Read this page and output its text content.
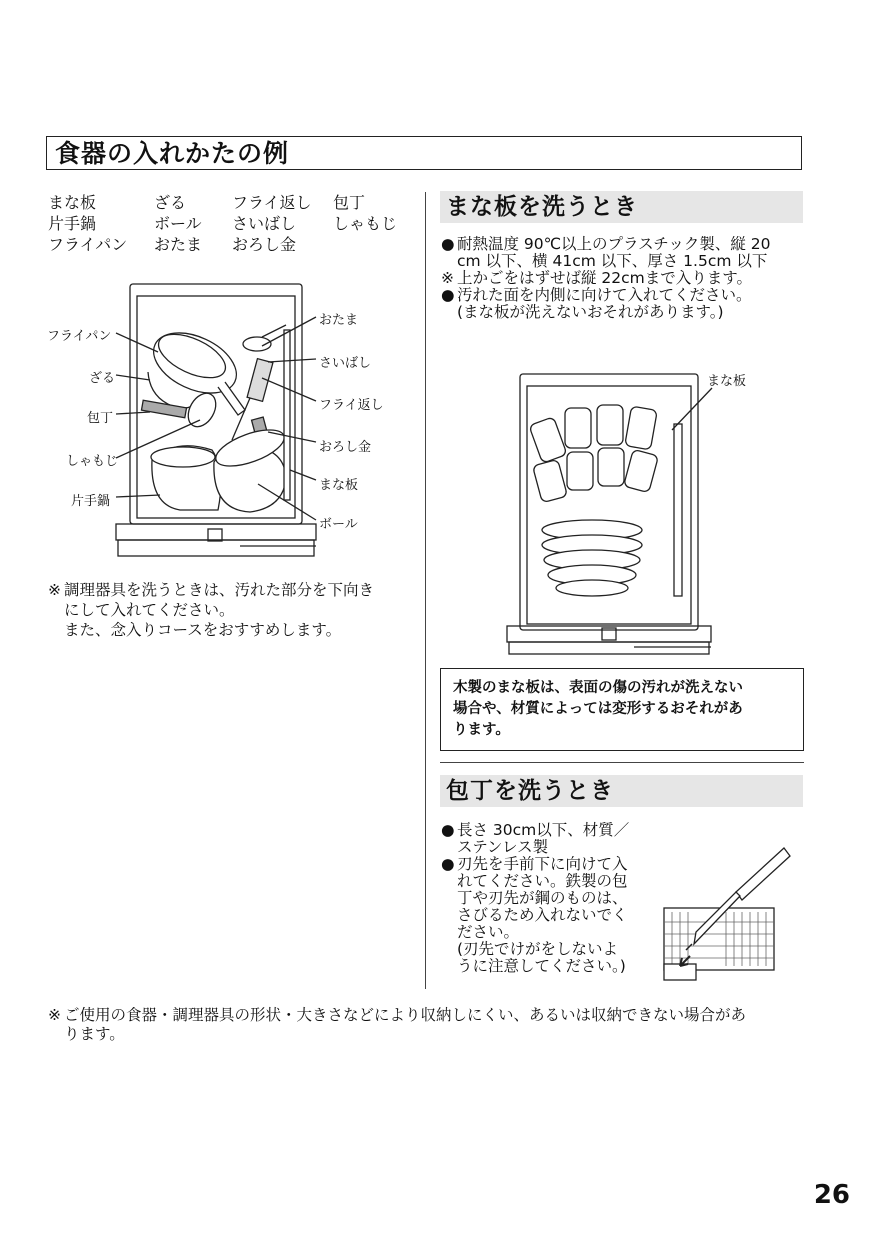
食器の入れかたの例
まな板	ざる	フライ返し 包丁
片手鍋	ボール さいばし しゃもじ
フライパン おたま おろし金
フライパン
ざる
包丁
しゃもじ
片手鍋
おたま
さいばし
フライ返し
おろし金
まな板
ボール
※ 調理器具を洗うときは、汚れた部分を下向き
にして入れてください。
また、念入りコースをおすすめします。
まな板を洗うとき
● 耐熱温度 90℃以上のプラスチック製、縦 20
cm 以下、横 41cm 以下、厚さ 1.5cm 以下
※ 上かごをはずせば縦 22cmまで入ります。
● 汚れた面を内側に向けて入れてください。
(まな板が洗えないおそれがあります。)
まな板
木製のまな板は、表面の傷の汚れが洗えない
場合や、材質によっては変形するおそれがあ
ります。
包丁を洗うとき
● 長さ 30cm以下、材質／
ステンレス製
● 刃先を手前下に向けて入
れてください。鉄製の包
丁や刃先が鋼のものは、
さびるため入れないでく
ださい。
(刃先でけがをしないよ
うに注意してください。)
※ ご使用の食器・調理器具の形状・大きさなどにより収納しにくい、あるいは収納できない場合があ
ります。
26
